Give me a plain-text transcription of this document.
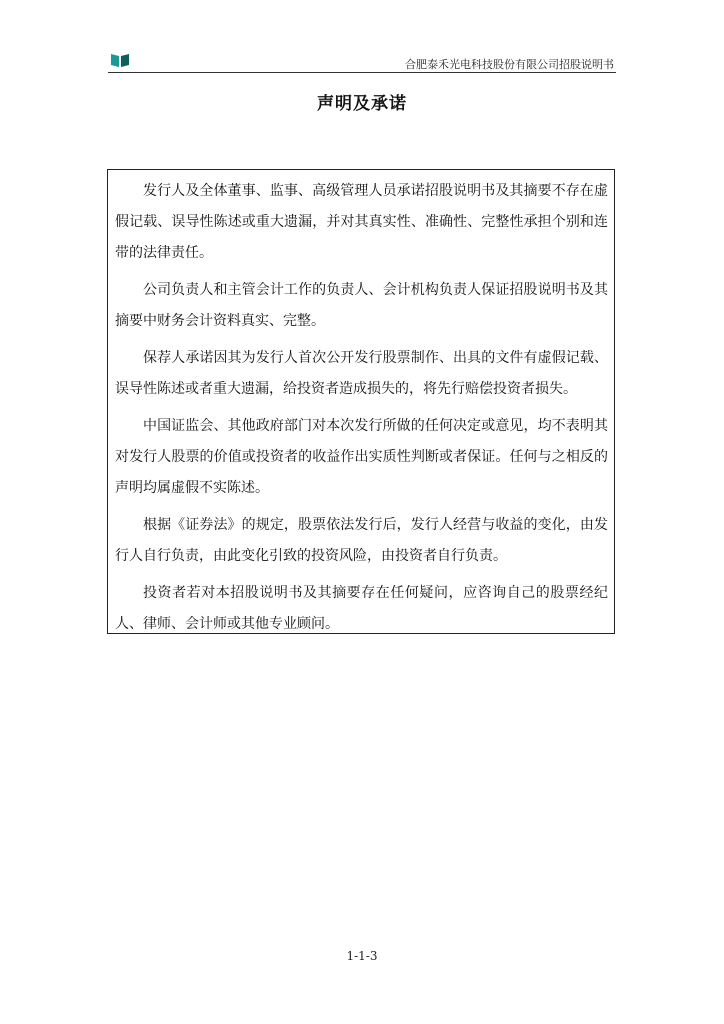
合肥泰禾光电科技股份有限公司招股说明书
声明及承诺

发行人及全体董事、监事、高级管理人员承诺招股说明书及其摘要不存在虚假记载、误导性陈述或重大遗漏，并对其真实性、准确性、完整性承担个别和连带的法律责任。

公司负责人和主管会计工作的负责人、会计机构负责人保证招股说明书及其摘要中财务会计资料真实、完整。

保荐人承诺因其为发行人首次公开发行股票制作、出具的文件有虚假记载、误导性陈述或者重大遗漏，给投资者造成损失的，将先行赔偿投资者损失。

中国证监会、其他政府部门对本次发行所做的任何决定或意见，均不表明其对发行人股票的价值或投资者的收益作出实质性判断或者保证。任何与之相反的声明均属虚假不实陈述。

根据《证券法》的规定，股票依法发行后，发行人经营与收益的变化，由发行人自行负责，由此变化引致的投资风险，由投资者自行负责。

投资者若对本招股说明书及其摘要存在任何疑问，应咨询自己的股票经纪人、律师、会计师或其他专业顾问。

1-1-3
